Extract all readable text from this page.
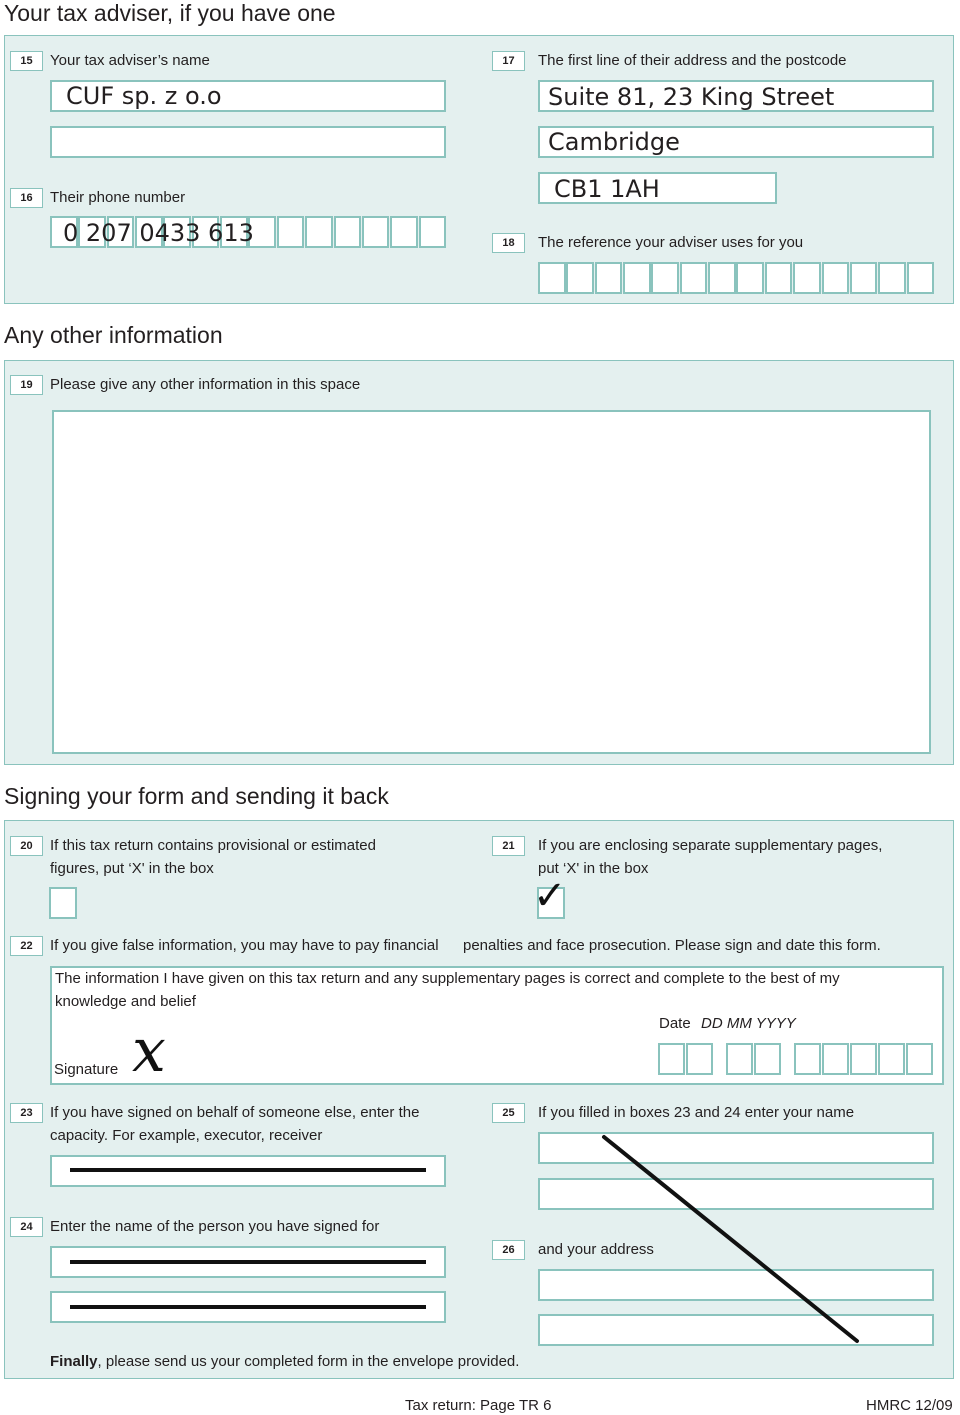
Your tax adviser, if you have one
15	Your tax adviser’s name
CUF sp. z o.o
16	Their phone number
0 207 0433 613
17	The first line of their address and the postcode
Suite 81, 23 King Street
Cambridge
CB1 1AH
18	The reference your adviser uses for you
Any other information
19	Please give any other information in this space
Signing your form and sending it back
20	If this tax return contains provisional or estimated
figures, put ‘X' in the box
21	If you are enclosing separate supplementary pages,
put ‘X' in the box
✓
22	If you give false information, you may have to pay financial penalties and face prosecution. Please sign and date this form.
The information I have given on this tax return and any supplementary pages is correct and complete to the best of my
knowledge and belief
Signature x	Date DD MM YYYY
23	If you have signed on behalf of someone else, enter the
capacity. For example, executor, receiver
24	Enter the name of the person you have signed for
25	If you filled in boxes 23 and 24 enter your name
26	and your address
Finally, please send us your completed form in the envelope provided.
Tax return: Page TR 6	HMRC 12/09
